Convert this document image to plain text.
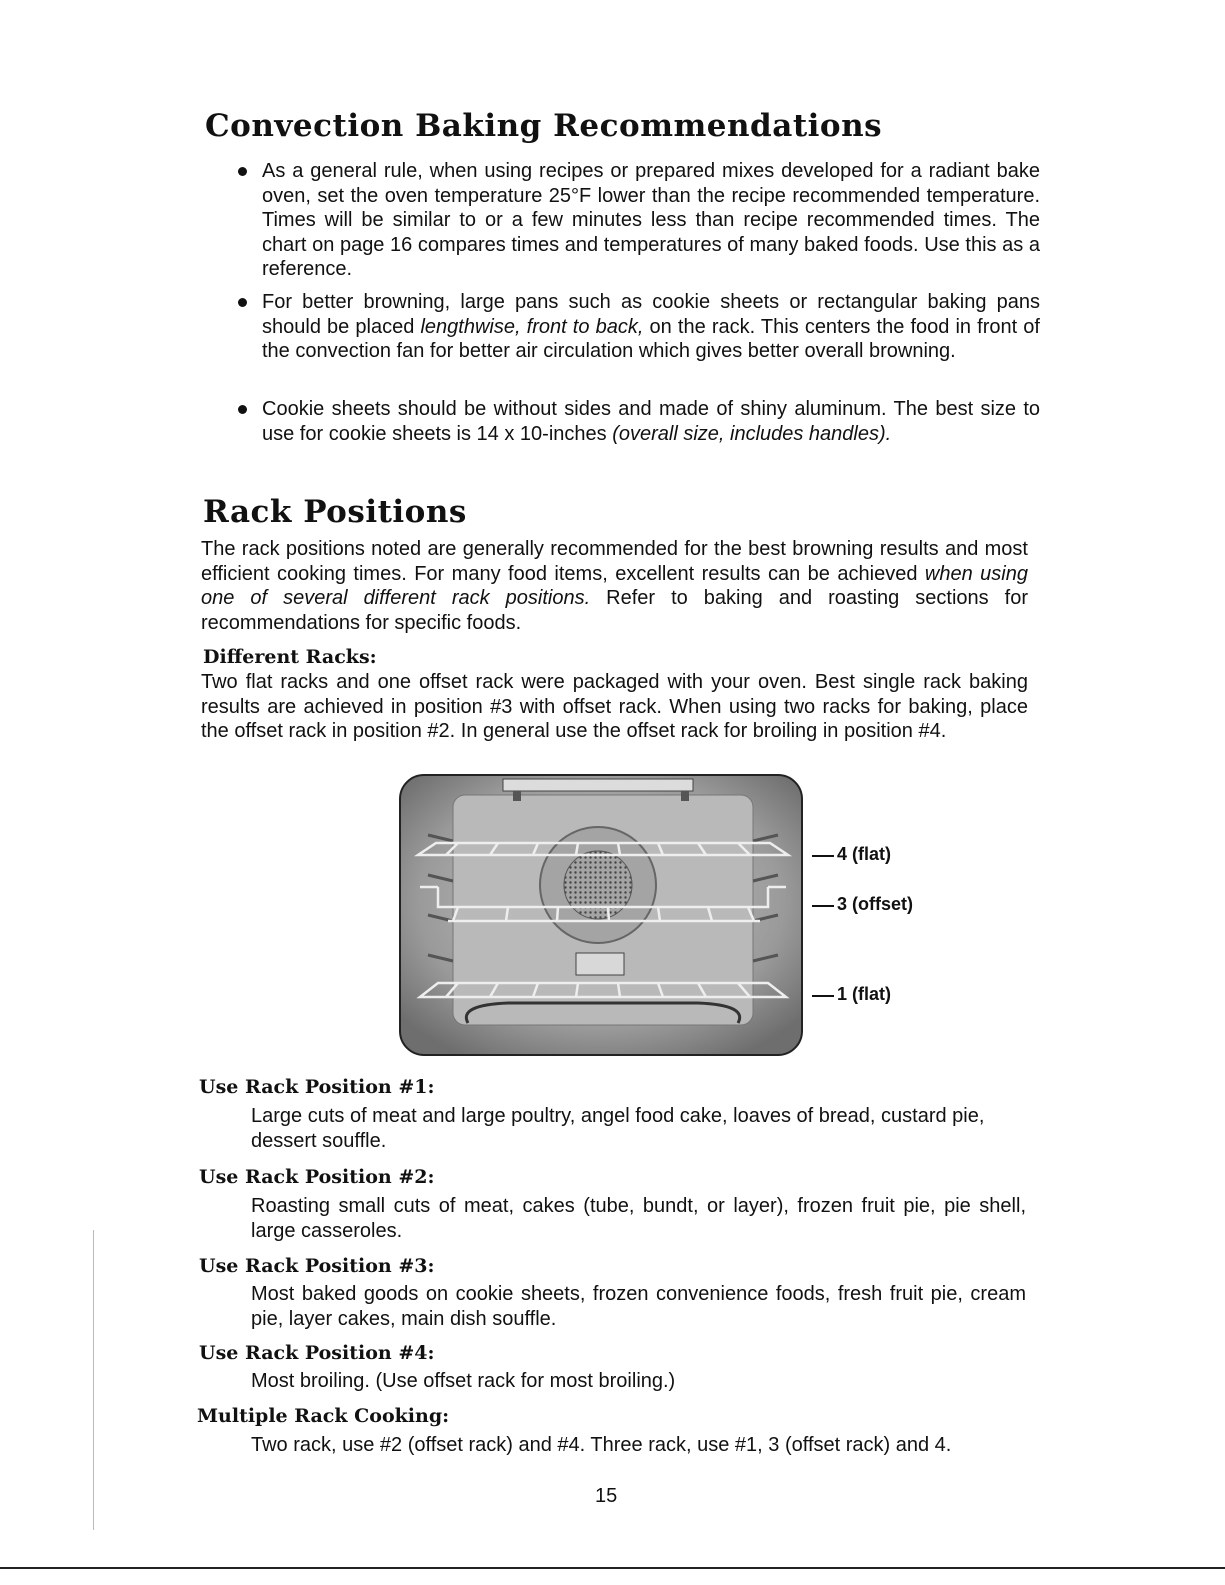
Convection Baking Recommendations

As a general rule, when using recipes or prepared mixes developed for a radiant bake oven, set the oven temperature 25°F lower than the recipe recommended temperature. Times will be similar to or a few minutes less than recipe recommended times. The chart on page 16 compares times and temperatures of many baked foods. Use this as a reference.

For better browning, large pans such as cookie sheets or rectangular baking pans should be placed lengthwise, front to back, on the rack. This centers the food in front of the convection fan for better air circulation which gives better overall browning.

Cookie sheets should be without sides and made of shiny aluminum. The best size to use for cookie sheets is 14 x 10-inches (overall size, includes handles).

Rack Positions

The rack positions noted are generally recommended for the best browning results and most efficient cooking times. For many food items, excellent results can be achieved when using one of several different rack positions. Refer to baking and roasting sections for recommendations for specific foods.

Different Racks:

Two flat racks and one offset rack were packaged with your oven. Best single rack baking results are achieved in position #3 with offset rack. When using two racks for baking, place the offset rack in position #2. In general use the offset rack for broiling in position #4.

4 (flat)
3 (offset)
1 (flat)
Use Rack Position #1:

Large cuts of meat and large poultry, angel food cake, loaves of bread, custard pie, dessert souffle.

Use Rack Position #2:

Roasting small cuts of meat, cakes (tube, bundt, or layer), frozen fruit pie, pie shell, large casseroles.

Use Rack Position #3:

Most baked goods on cookie sheets, frozen convenience foods, fresh fruit pie, cream pie, layer cakes, main dish souffle.

Use Rack Position #4:

Most broiling. (Use offset rack for most broiling.)

Multiple Rack Cooking:

Two rack, use #2 (offset rack) and #4. Three rack, use #1, 3 (offset rack) and 4.

15
